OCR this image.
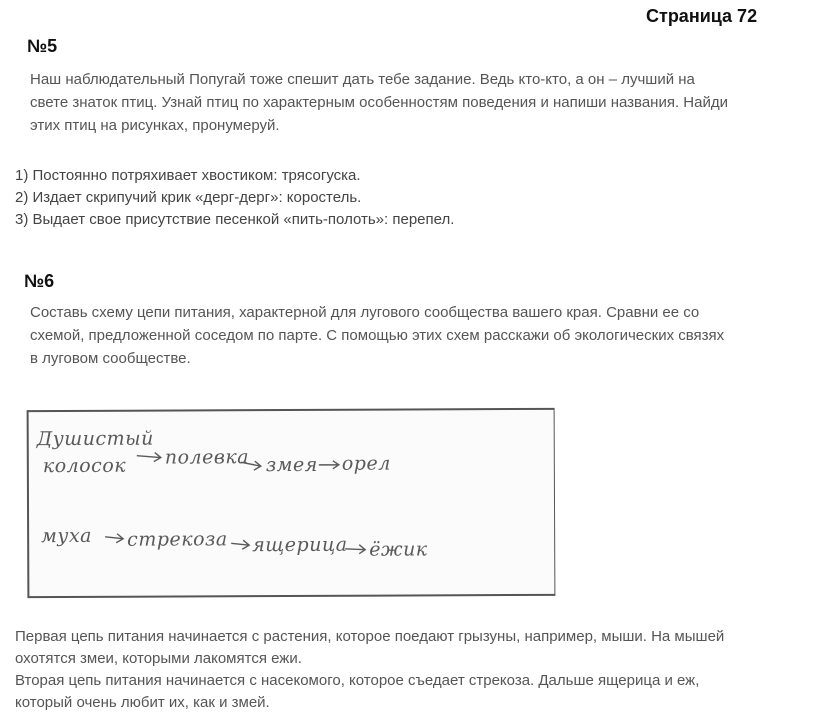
Страница 72
№5

Наш наблюдательный Попугай тоже спешит дать тебе задание. Ведь кто-кто, а он – лучший на
свете знаток птиц. Узнай птиц по характерным особенностям поведения и напиши названия. Найди
этих птиц на рисунках, пронумеруй.

1) Постоянно потряхивает хвостиком: трясогуска.
2) Издает скрипучий крик «дерг-дерг»: коростель.
3) Выдает свое присутствие песенкой «пить-полоть»: перепел.
№6

Составь схему цепи питания, характерной для лугового сообщества вашего края. Сравни ее со
схемой, предложенной соседом по парте. С помощью этих схем расскажи об экологических связях
в луговом сообществе.

Душистый
колосок полевка змея орел
муха стрекоза ящерица ёжик

Первая цепь питания начинается с растения, которое поедают грызуны, например, мыши. На мышей
охотятся змеи, которыми лакомятся ежи.
Вторая цепь питания начинается с насекомого, которое съедает стрекоза. Дальше ящерица и еж,
который очень любит их, как и змей.
